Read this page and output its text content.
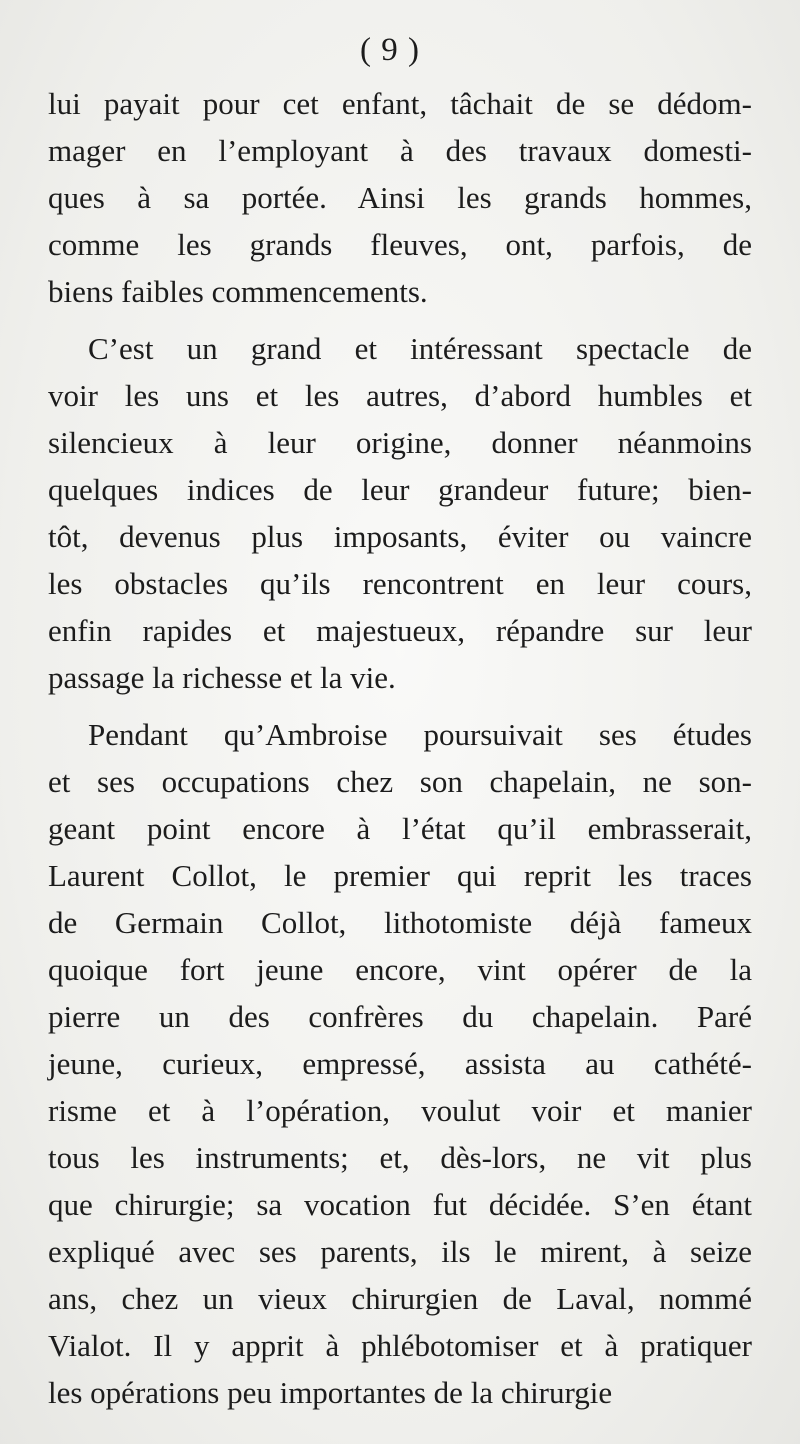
( 9 )
lui payait pour cet enfant, tâchait de se dédom-
mager en l’employant à des travaux domesti-
ques à sa portée. Ainsi les grands hommes,
comme les grands fleuves, ont, parfois, de
biens faibles commencements.
C’est un grand et intéressant spectacle de
voir les uns et les autres, d’abord humbles et
silencieux à leur origine, donner néanmoins
quelques indices de leur grandeur future; bien-
tôt, devenus plus imposants, éviter ou vaincre
les obstacles qu’ils rencontrent en leur cours,
enfin rapides et majestueux, répandre sur leur
passage la richesse et la vie.
Pendant qu’Ambroise poursuivait ses études
et ses occupations chez son chapelain, ne son-
geant point encore à l’état qu’il embrasserait,
Laurent Collot, le premier qui reprit les traces
de Germain Collot, lithotomiste déjà fameux
quoique fort jeune encore, vint opérer de la
pierre un des confrères du chapelain. Paré
jeune, curieux, empressé, assista au cathété-
risme et à l’opération, voulut voir et manier
tous les instruments; et, dès-lors, ne vit plus
que chirurgie; sa vocation fut décidée. S’en étant
expliqué avec ses parents, ils le mirent, à seize
ans, chez un vieux chirurgien de Laval, nommé
Vialot. Il y apprit à phlébotomiser et à pratiquer
les opérations peu importantes de la chirurgie
